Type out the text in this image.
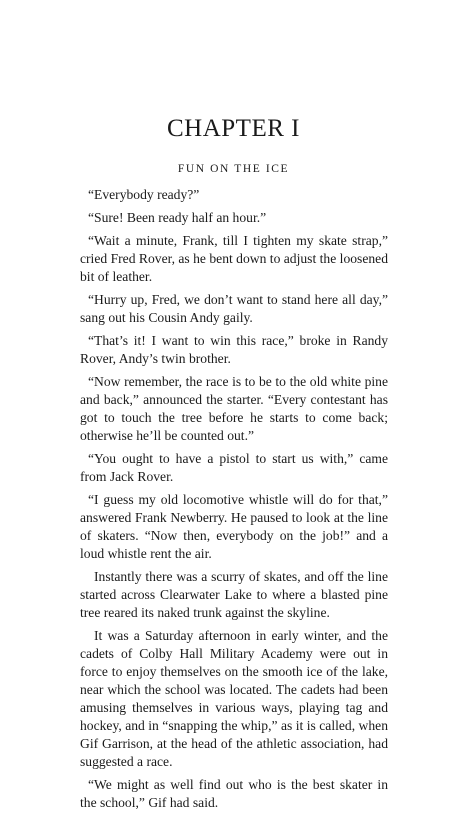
CHAPTER I
FUN ON THE ICE

“Everybody ready?”

“Sure! Been ready half an hour.”

“Wait a minute, Frank, till I tighten my skate strap,” cried Fred Rover, as he bent down to adjust the loosened bit of leather.

“Hurry up, Fred, we don’t want to stand here all day,” sang out his Cousin Andy gaily.

“That’s it! I want to win this race,” broke in Randy Rover, Andy’s twin brother.

“Now remember, the race is to be to the old white pine and back,” announced the starter. “Every contestant has got to touch the tree before he starts to come back; otherwise he’ll be counted out.”

“You ought to have a pistol to start us with,” came from Jack Rover.

“I guess my old locomotive whistle will do for that,” answered Frank Newberry. He paused to look at the line of skaters. “Now then, everybody on the job!” and a loud whistle rent the air.

Instantly there was a scurry of skates, and off the line started across Clearwater Lake to where a blasted pine tree reared its naked trunk against the skyline.

It was a Saturday afternoon in early winter, and the cadets of Colby Hall Military Academy were out in force to enjoy themselves on the smooth ice of the lake, near which the school was located. The cadets had been amusing themselves in various ways, playing tag and hockey, and in “snapping the whip,” as it is called, when Gif Garrison, at the head of the athletic association, had suggested a race.

“We might as well find out who is the best skater in the school,” Gif had said.
